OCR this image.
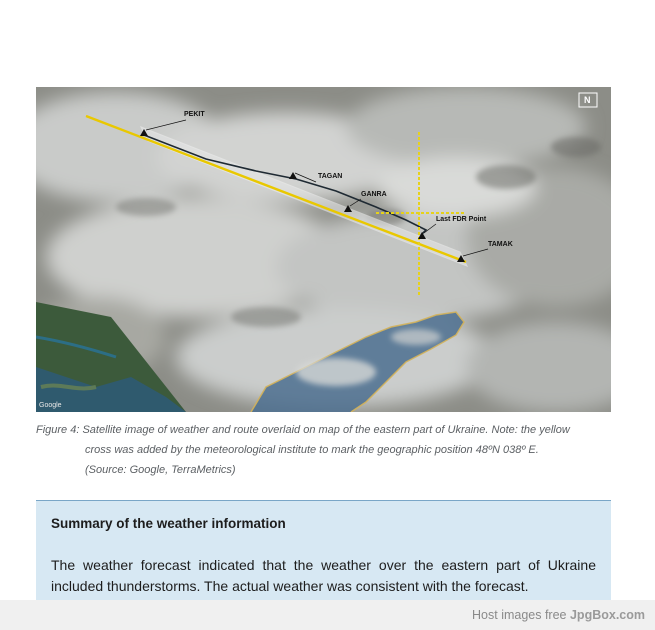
PEKIT
TAGAN
GANRA
Last FDR Point
TAMAK
N
Google
Figure 4: Satellite image of weather and route overlaid on map of the eastern part of Ukraine. Note: the yellow
cross was added by the meteorological institute to mark the geographic position 48ºN 038º E.
(Source: Google, TerraMetrics)
Summary of the weather information
The weather forecast indicated that the weather over the eastern part of Ukraine included thunderstorms. The actual weather was consistent with the forecast.
Host images free JpgBox.com
